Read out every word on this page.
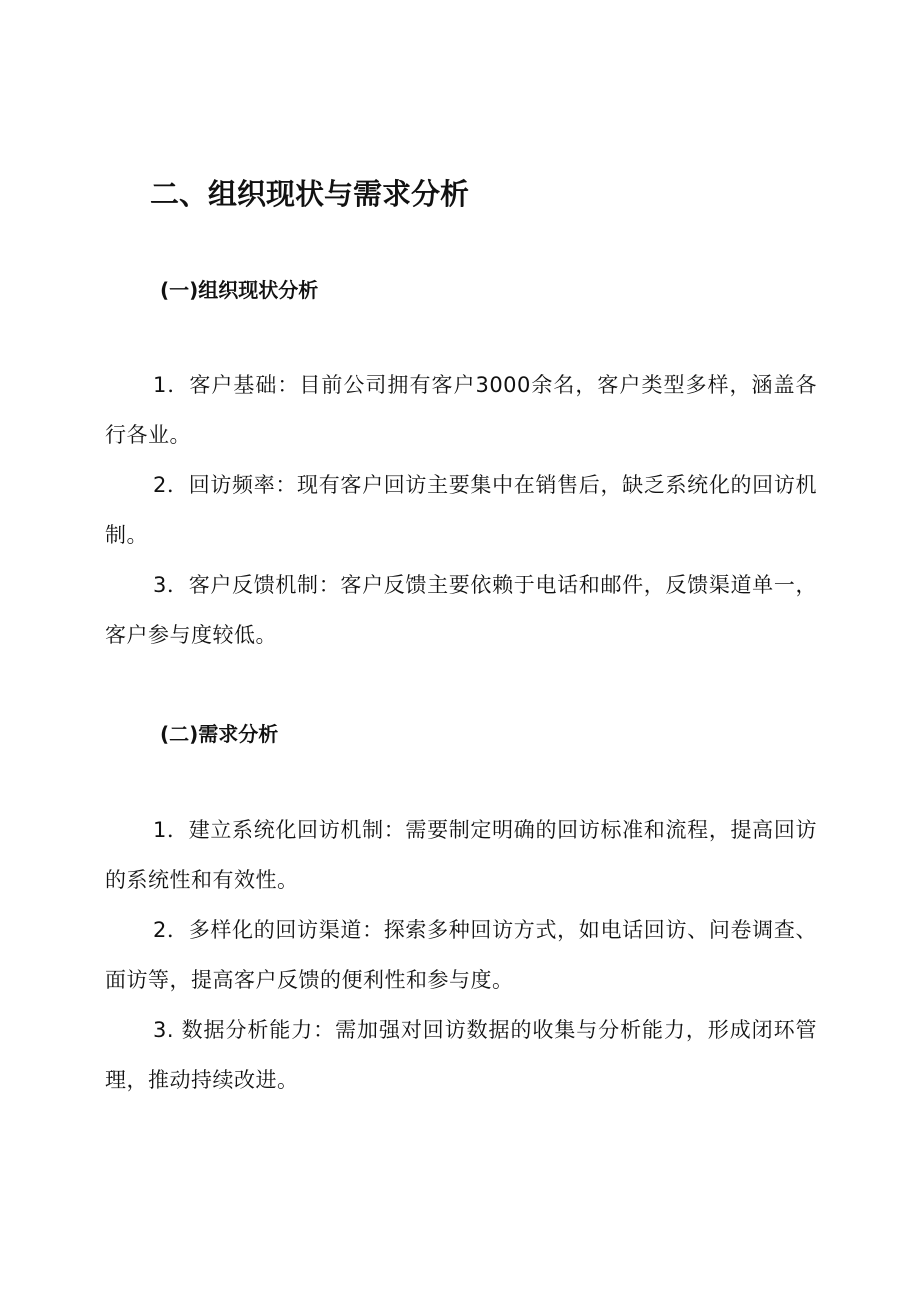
二、组织现状与需求分析
(一)组织现状分析

1．客户基础：目前公司拥有客户3000余名，客户类型多样，涵盖各行各业。

2．回访频率：现有客户回访主要集中在销售后，缺乏系统化的回访机制。

3．客户反馈机制：客户反馈主要依赖于电话和邮件，反馈渠道单一，客户参与度较低。

(二)需求分析

1．建立系统化回访机制：需要制定明确的回访标准和流程，提高回访的系统性和有效性。

2．多样化的回访渠道：探索多种回访方式，如电话回访、问卷调查、面访等，提高客户反馈的便利性和参与度。

3. 数据分析能力：需加强对回访数据的收集与分析能力，形成闭环管理，推动持续改进。
